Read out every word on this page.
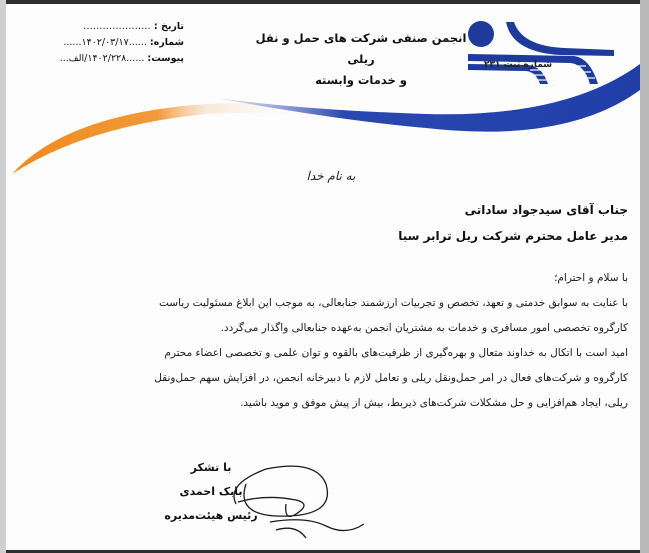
تاریخ :
.....................
شماره:
......۱۴۰۲/۰۳/۱۷......
پیوست:
......۱۴۰۲/۲۲۸/الف...
انجمن صنفی شرکت های حمل و نقل ریلی
و خدمات وابسته
شماره ثبت ۲۳۱
به نام خدا
جناب آقای سیدجواد ساداتی
مدیر عامل محترم شرکت ریل ترابر سبا
با سلام و احترام؛
با عنایت به سوابق خدمتی و تعهد، تخصص و تجربیات ارزشمند جنابعالی، به موجب این ابلاغ مسئولیت ریاست
کارگروه تخصصی امور مسافری و خدمات به مشتریان انجمن به‌عهده جنابعالی واگذار می‌گردد.
امید است با اتکال به خداوند متعال و بهره‌گیری از ظرفیت‌های بالقوه و توان علمی و تخصصی اعضاء محترم
کارگروه و شرکت‌های فعال در امر حمل‌ونقل ریلی و تعامل لازم با دبیرخانه انجمن، در افزایش سهم حمل‌ونقل
ریلی، ایجاد هم‌افزایی و حل مشکلات شرکت‌های ذیربط، بیش از پیش موفق و موید باشید.
با تشکر
بابک احمدی
رئیس هیئت‌مدیره
